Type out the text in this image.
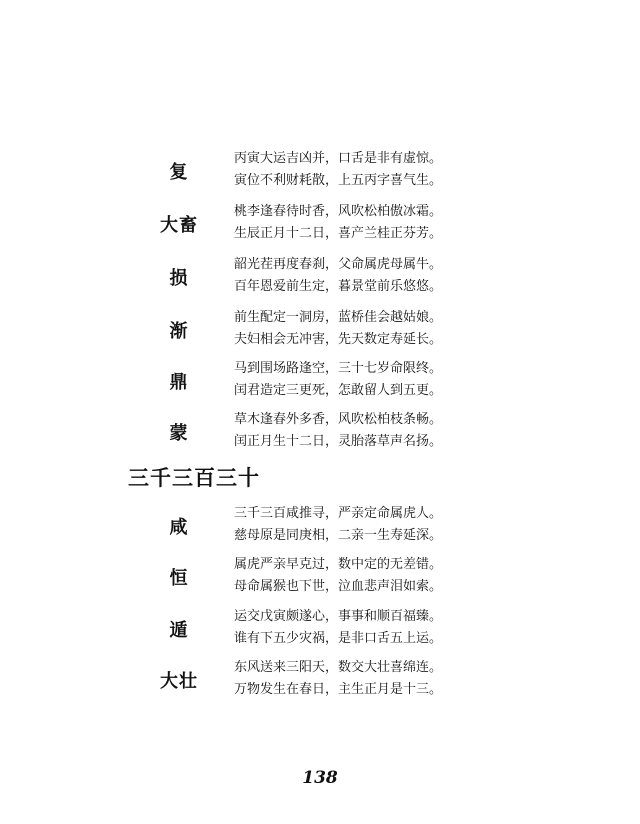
复
丙寅大运吉凶并，口舌是非有虚惊。
寅位不利财耗散，上五丙字喜气生。
大畜
桃李逢春待时香，风吹松柏傲冰霜。
生辰正月十二日，喜产兰桂正芬芳。
损
韶光茬再度春刹，父命属虎母属牛。
百年恩爱前生定，暮景堂前乐悠悠。
渐
前生配定一洞房，蓝桥佳会越姑娘。
夫妇相会无冲害，先天数定寿延长。
鼎
马到围场路逢空，三十七岁命限终。
闰君造定三更死，怎敢留人到五更。
蒙
草木逢春外多香，风吹松柏枝条畅。
闰正月生十二日，灵胎落草声名扬。
三千三百三十
咸
三千三百咸推寻，严亲定命属虎人。
慈母原是同庚相，二亲一生寿延深。
恒
属虎严亲早克过，数中定的无差错。
母命属猴也下世，泣血悲声泪如索。
遁
运交戊寅颇遂心，事事和顺百福臻。
谁有下五少灾祸，是非口舌五上运。
大壮
东风送来三阳天，数交大壮喜绵连。
万物发生在春日，主生正月是十三。
138
